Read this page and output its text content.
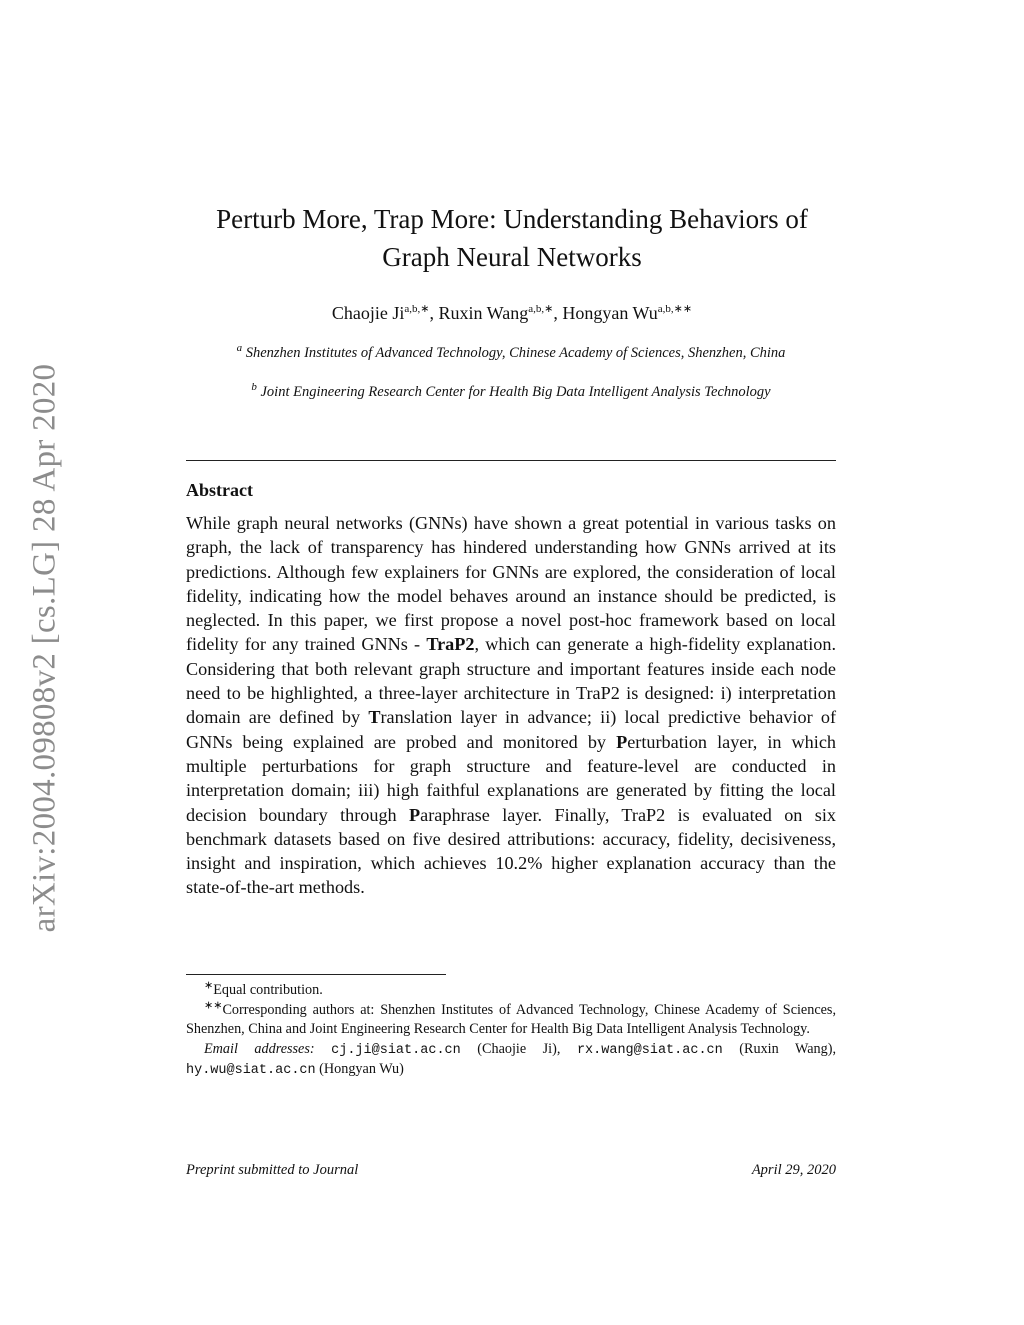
arXiv:2004.09808v2 [cs.LG] 28 Apr 2020
Perturb More, Trap More: Understanding Behaviors of
Graph Neural Networks
Chaojie $Ji^{a,b,∗}$, Ruxin Wang$^{a,b,∗}$, Hongyan $Wu^{a,b,∗∗}$
$^a$ Shenzhen Institutes of Advanced Technology, Chinese Academy of Sciences, Shenzhen, China
$^b$ Joint Engineering Research Center for Health Big Data Intelligent Analysis Technology
Abstract
While graph neural networks (GNNs) have shown a great potential in various tasks on graph, the lack of transparency has hindered understanding how GNNs arrived at its predictions. Although few explainers for GNNs are explored, the consideration of local fidelity, indicating how the model behaves around an instance should be predicted, is neglected. In this paper, we first propose a novel post-hoc framework based on local fidelity for any trained GNNs - TraP2, which can generate a high-fidelity explanation. Considering that both relevant graph structure and important features inside each node need to be highlighted, a three-layer architecture in TraP2 is designed: i) interpretation domain are defined by Translation layer in advance; ii) local predictive behavior of GNNs being explained are probed and monitored by Perturbation layer, in which multiple perturbations for graph structure and feature-level are conducted in interpretation domain; iii) high faithful explanations are generated by fitting the local decision boundary through Paraphrase layer. Finally, TraP2 is evaluated on six benchmark datasets based on five desired attributions: accuracy, fidelity, decisiveness, insight and inspiration, which achieves 10.2% higher explanation accuracy than the state-of-the-art methods.

∗Equal contribution.

∗∗Corresponding authors at: Shenzhen Institutes of Advanced Technology, Chinese Academy of Sciences, Shenzhen, China and Joint Engineering Research Center for Health Big Data Intelligent Analysis Technology.

Email addresses: cj.ji@siat.ac.cn (Chaojie Ji), rx.wang@siat.ac.cn (Ruxin Wang), hy.wu@siat.ac.cn (Hongyan Wu)

Preprint submitted to Journal	April 29, 2020
